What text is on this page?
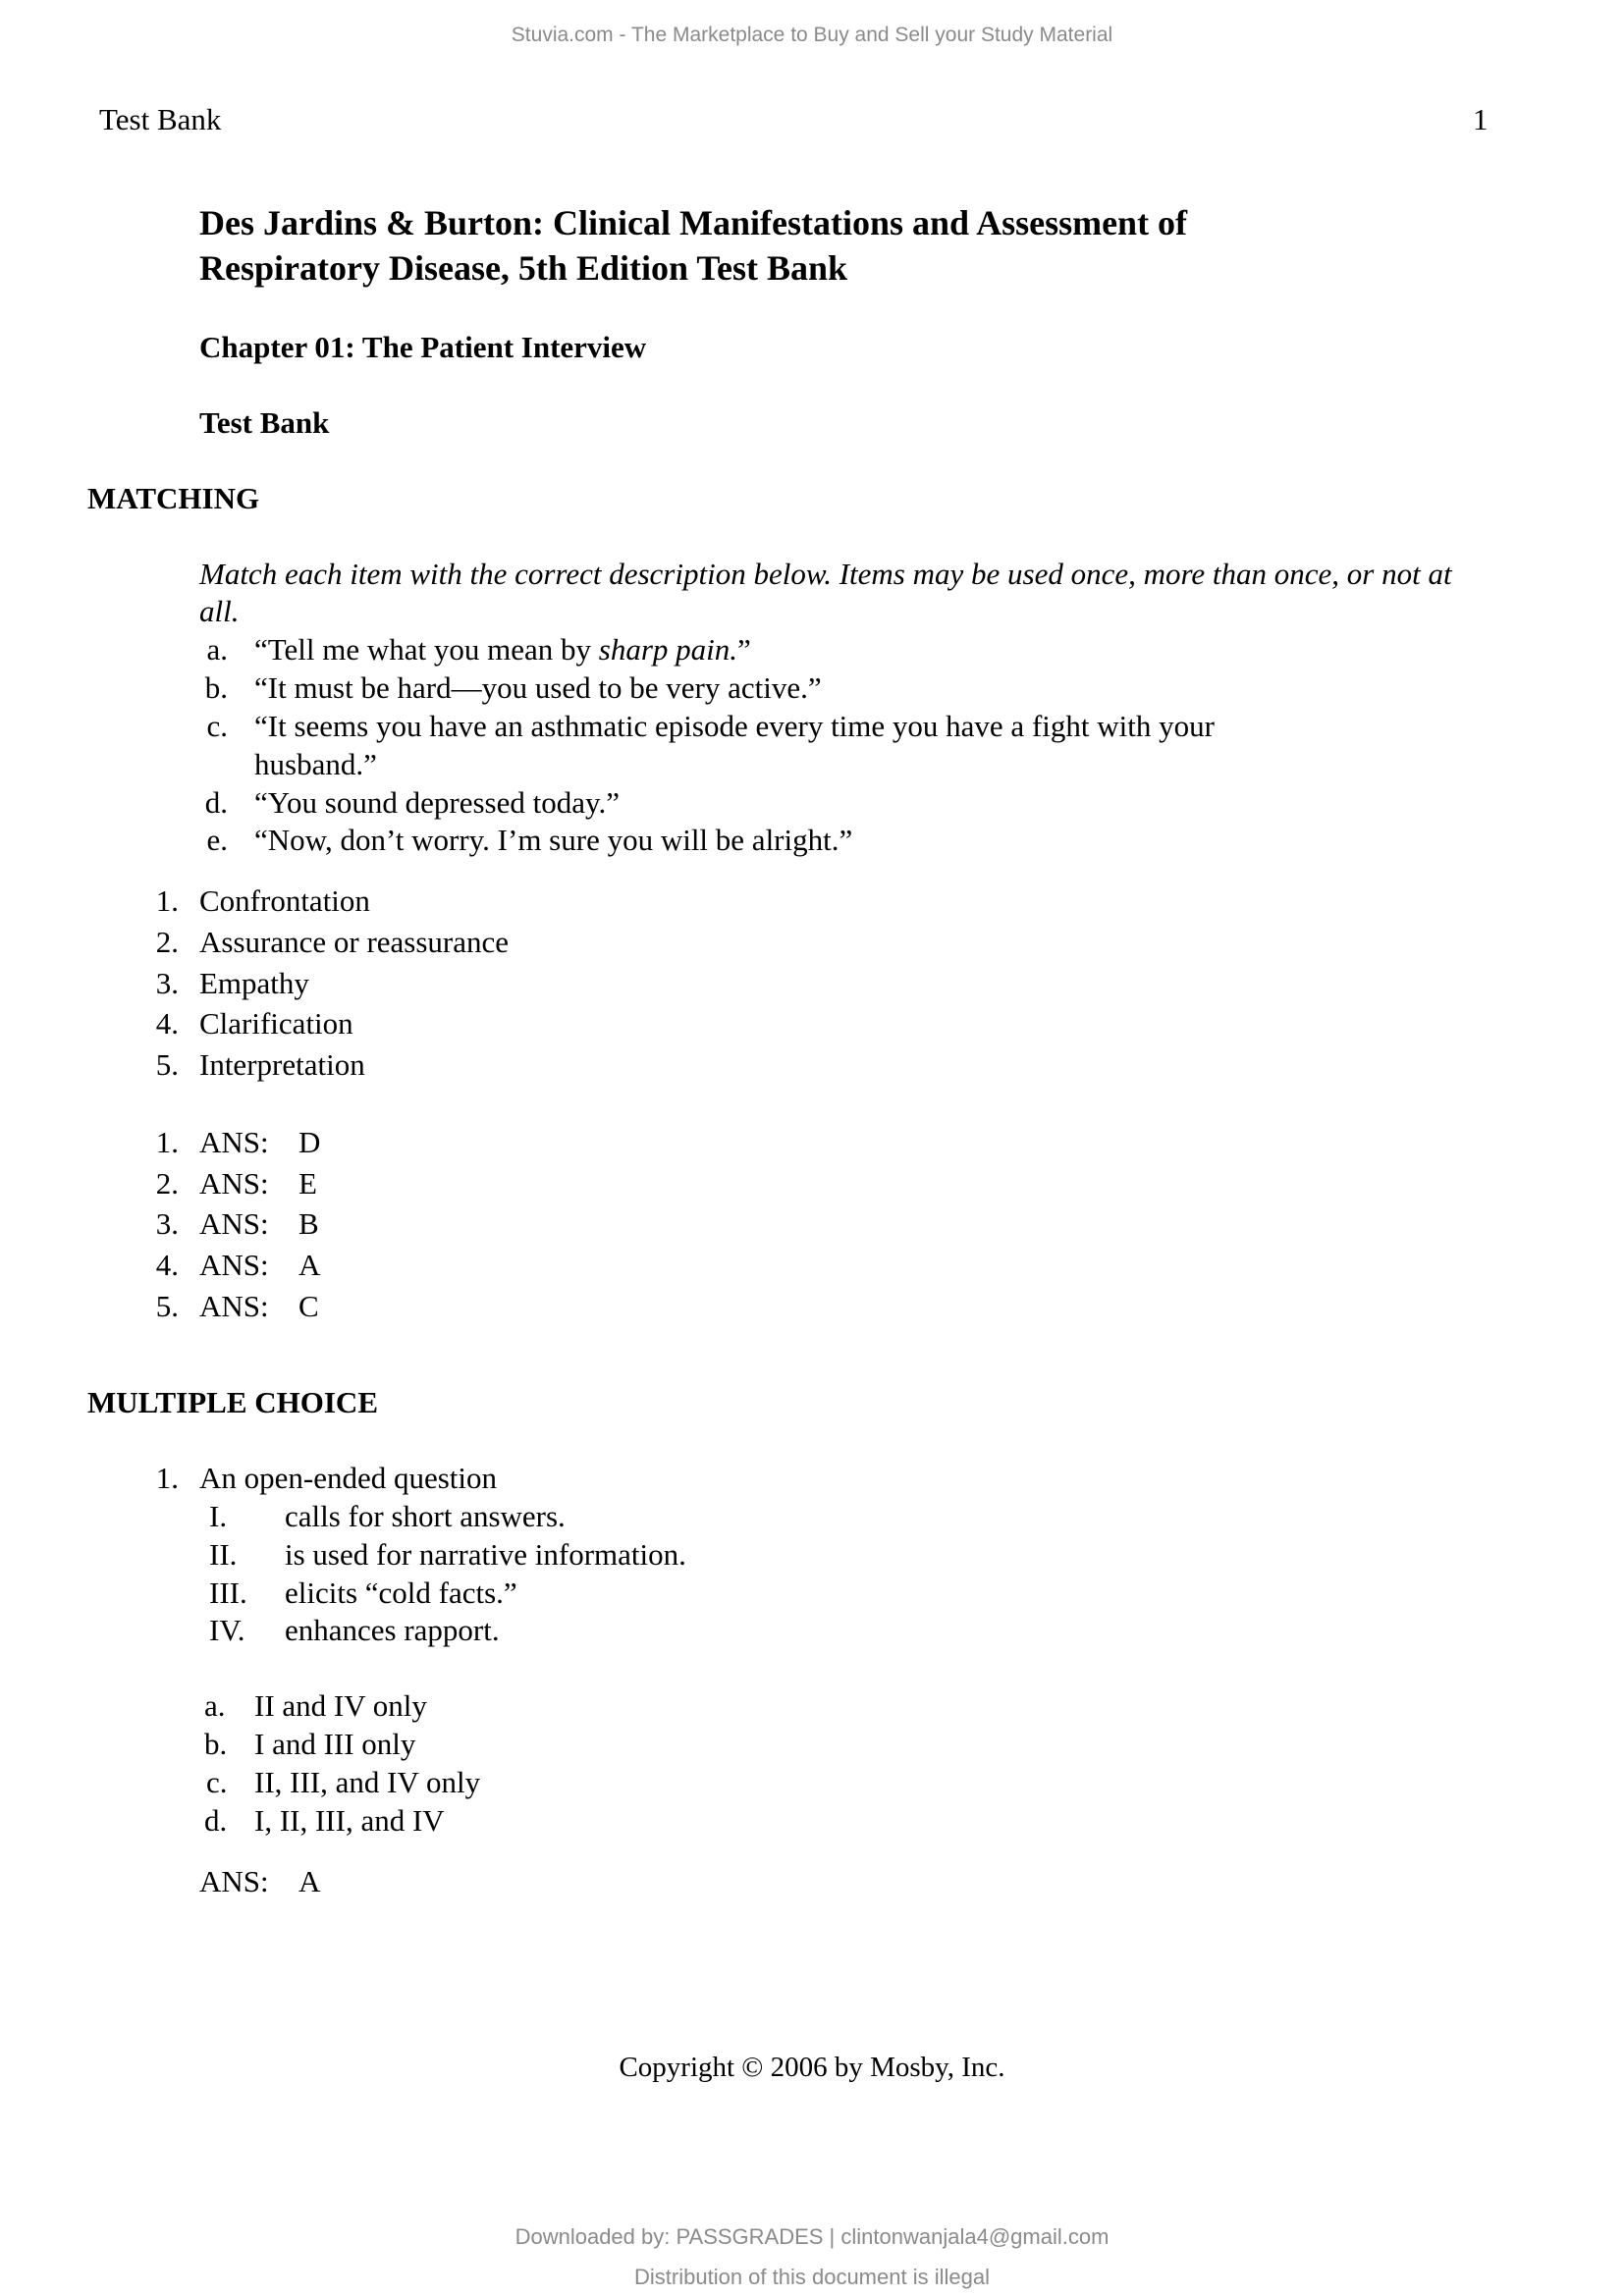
Stuvia.com - The Marketplace to Buy and Sell your Study Material
Test Bank	1
Des Jardins & Burton: Clinical Manifestations and Assessment of
Respiratory Disease, 5th Edition Test Bank
Chapter 01: The Patient Interview
Test Bank
MATCHING
Match each item with the correct description below. Items may be used once, more than once, or not at all.
a. “Tell me what you mean by sharp pain.”
b. “It must be hard—you used to be very active.”
c. “It seems you have an asthmatic episode every time you have a fight with your
husband.”
d. “You sound depressed today.”
e. “Now, don’t worry. I’m sure you will be alright.”
1. Confrontation
2. Assurance or reassurance
3. Empathy
4. Clarification
5. Interpretation
1. ANS: D
2. ANS: E
3. ANS: B
4. ANS: A
5. ANS: C
MULTIPLE CHOICE
1. An open-ended question
I. calls for short answers.
II. is used for narrative information.
III. elicits “cold facts.”
IV. enhances rapport.
a. II and IV only
b. I and III only
c. II, III, and IV only
d. I, II, III, and IV
ANS: A
Copyright © 2006 by Mosby, Inc.
Downloaded by: PASSGRADES | clintonwanjala4@gmail.com
Distribution of this document is illegal
